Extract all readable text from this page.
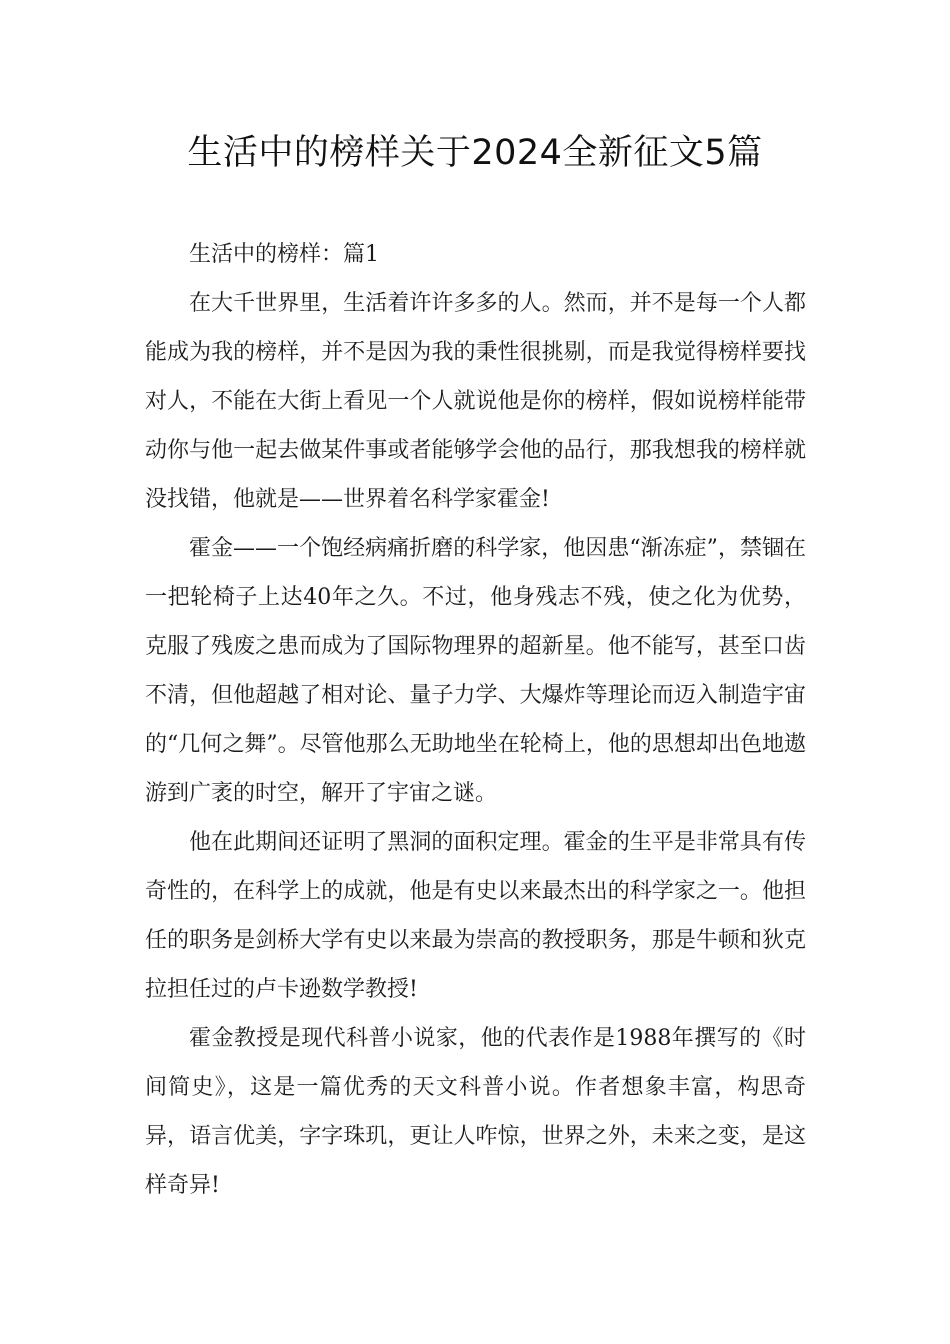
生活中的榜样关于2024全新征文5篇
生活中的榜样：篇1

在大千世界里，生活着许许多多的人。然而，并不是每一个人都能成为我的榜样，并不是因为我的秉性很挑剔，而是我觉得榜样要找对人，不能在大街上看见一个人就说他是你的榜样，假如说榜样能带动你与他一起去做某件事或者能够学会他的品行，那我想我的榜样就没找错，他就是——世界着名科学家霍金!

霍金——一个饱经病痛折磨的科学家，他因患“渐冻症”，禁锢在一把轮椅子上达40年之久。不过，他身残志不残，使之化为优势，克服了残废之患而成为了国际物理界的超新星。他不能写，甚至口齿不清，但他超越了相对论、量子力学、大爆炸等理论而迈入制造宇宙的“几何之舞”。尽管他那么无助地坐在轮椅上，他的思想却出色地遨游到广袤的时空，解开了宇宙之谜。

他在此期间还证明了黑洞的面积定理。霍金的生平是非常具有传奇性的，在科学上的成就，他是有史以来最杰出的科学家之一。他担任的职务是剑桥大学有史以来最为崇高的教授职务，那是牛顿和狄克拉担任过的卢卡逊数学教授!

霍金教授是现代科普小说家，他的代表作是1988年撰写的《时间简史》，这是一篇优秀的天文科普小说。作者想象丰富，构思奇异，语言优美，字字珠玑，更让人咋惊，世界之外，未来之变，是这样奇异!
